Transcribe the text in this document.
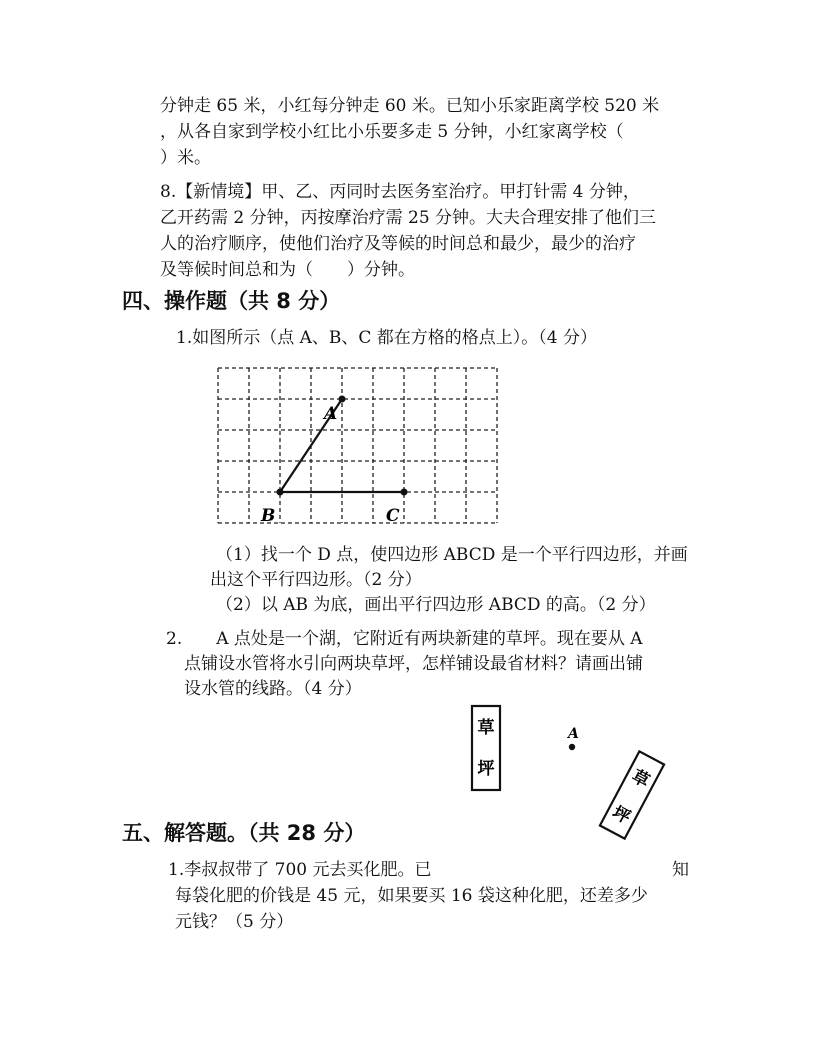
分钟走 65 米，小红每分钟走 60 米。已知小乐家距离学校 520 米
，从各自家到学校小红比小乐要多走 5 分钟，小红家离学校（
）米。
8.【新情境】甲、乙、丙同时去医务室治疗。甲打针需 4 分钟，
乙开药需 2 分钟，丙按摩治疗需 25 分钟。大夫合理安排了他们三
人的治疗顺序，使他们治疗及等候的时间总和最少，最少的治疗
及等候时间总和为（　　）分钟。
四、操作题（共 8 分）
1.如图所示（点 A、B、C 都在方格的格点上）。（4 分）
A
B	C
（1）找一个 D 点，使四边形 ABCD 是一个平行四边形，并画
出这个平行四边形。（2 分）
（2）以 AB 为底，画出平行四边形 ABCD 的高。（2 分）
2.　　A 点处是一个湖，它附近有两块新建的草坪。现在要从 A
点铺设水管将水引向两块草坪，怎样铺设最省材料？请画出铺
设水管的线路。（4 分）
草
坪
A
草
坪
五、解答题。（共 28 分）
1.李叔叔带了 700 元去买化肥。已	知
每袋化肥的价钱是 45 元，如果要买 16 袋这种化肥，还差多少
元钱？（5 分）
